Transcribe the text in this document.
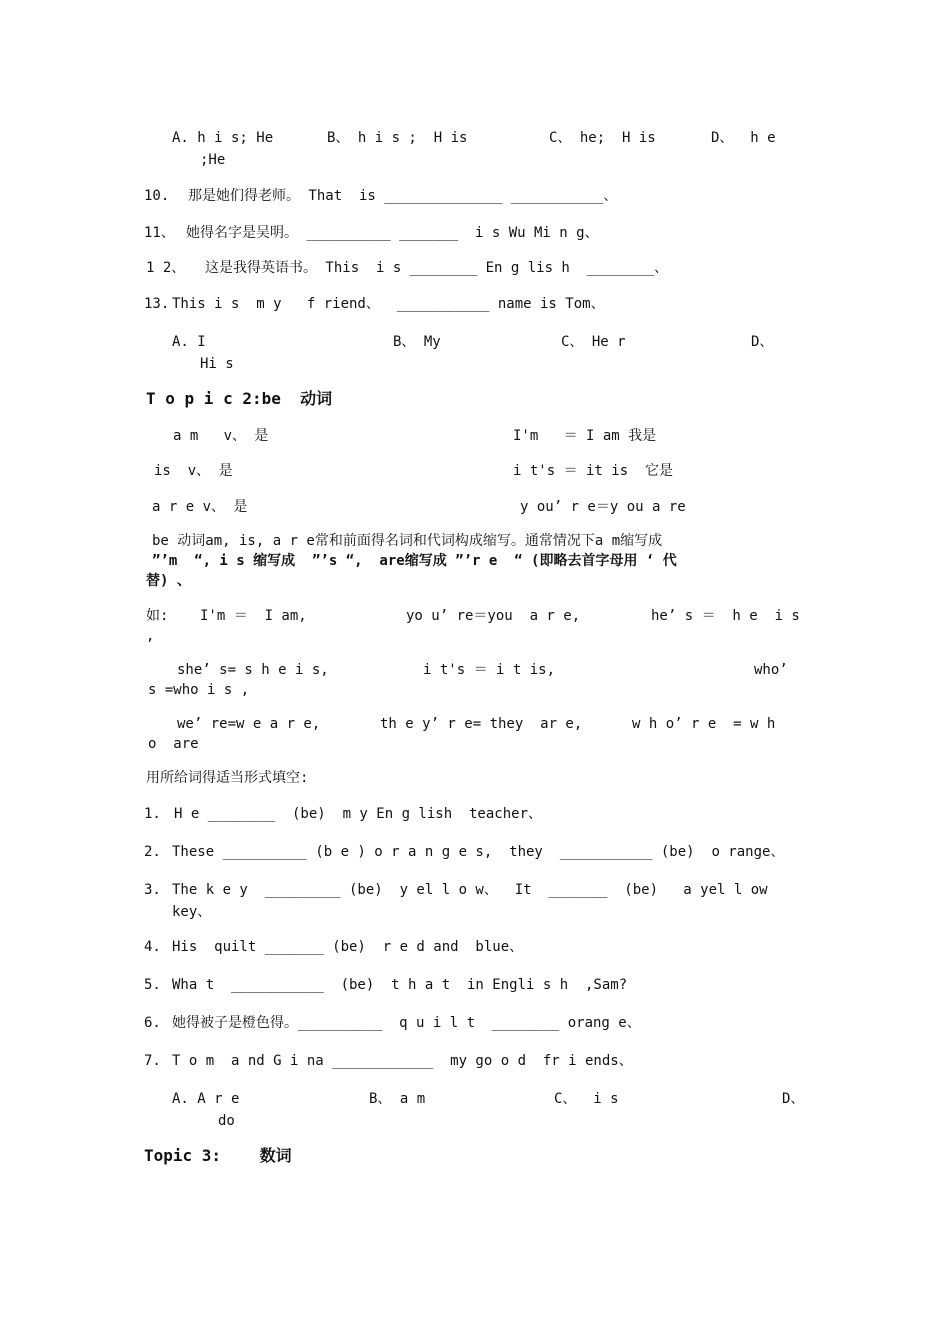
A. h i s; He	B、 h i s ;  H is	C、 he;  H is	D、  h e
;He
10. 那是她们得老师。 That  is ______________ ___________、
11、 她得名字是吴明。 __________ _______  i s Wu Mi n g、
1 2、 这是我得英语书。 This  i s ________ En g lis h  ________、
13. This i s  m y   f riend、  ___________ name is Tom、
A. I	B、 My	C、 He r	D、
Hi s
T o p i c 2:be  动词
a m   v、 是	I'm   ＝ I am 我是
is  v、 是	i t's ＝ it is  它是
a r e v、 是	y ou’ r e＝y ou a re
be 动词am, is, a r e常和前面得名词和代词构成缩写。通常情况下a m缩写成
”’m  “, i s 缩写成  ”’s “,  are缩写成 ”’r e  “ (即略去首字母用 ‘ 代
替) 、
如: I'm ＝  I am,	yo u’ re＝you  a r e,	he’ s ＝  h e  i s
,
she’ s= s h e i s,	i t's ＝ i t is,	who’
s =who i s ,
we’ re=w e a r e,	th e y’ r e= they  ar e,	w h o’ r e  = w h
o  are
用所给词得适当形式填空:
1. H e ________  (be)  m y En g lish  teacher、
2. These __________ (b e ) o r a n g e s,  they  ___________ (be)  o range、
3. The k e y  _________ (be)  y el l o w、  It  _______  (be)   a yel l ow
key、
4. His  quilt _______ (be)  r e d and  blue、
5. Wha t  ___________  (be)  t h a t  in Engli s h  ,Sam?
6. 她得被子是橙色得。__________  q u i l t  ________ orang e、
7. T o m  a nd G i na ____________  my go o d  fr i ends、
A. A r e	B、 a m	C、  i s	D、
do
Topic 3:    数词
